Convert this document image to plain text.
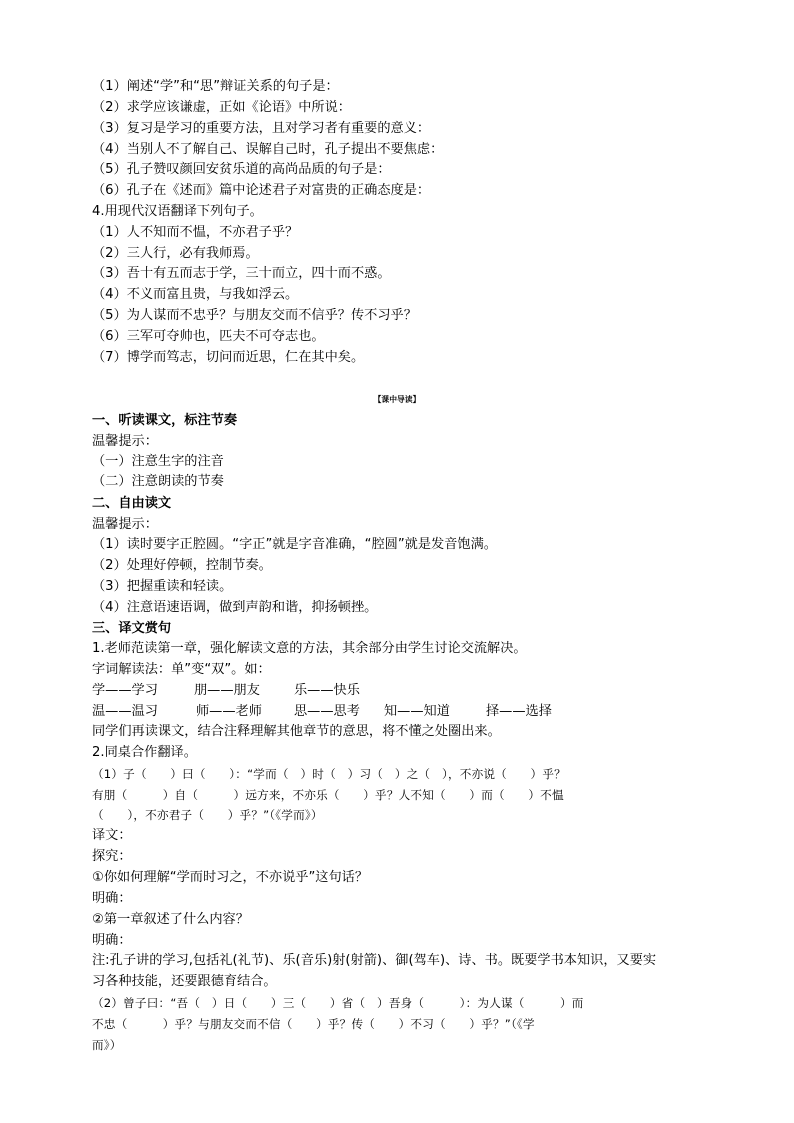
（1）阐述“学”和“思”辩证关系的句子是：
（2）求学应该谦虚，正如《论语》中所说：
（3）复习是学习的重要方法，且对学习者有重要的意义：
（4）当别人不了解自己、误解自己时，孔子提出不要焦虑：
（5）孔子赞叹颜回安贫乐道的高尚品质的句子是：
（6）孔子在《述而》篇中论述君子对富贵的正确态度是：
4.用现代汉语翻译下列句子。
（1）人不知而不愠，不亦君子乎？
（2）三人行，必有我师焉。
（3）吾十有五而志于学，三十而立，四十而不惑。
（4）不义而富且贵，与我如浮云。
（5）为人谋而不忠乎？与朋友交而不信乎？传不习乎？
（6）三军可夺帅也，匹夫不可夺志也。
（7）博学而笃志，切问而近思，仁在其中矣。
【课中导读】
一、听读课文，标注节奏
温馨提示：
（一）注意生字的注音
（二）注意朗读的节奏
二、自由读文
温馨提示：
（1）读时要字正腔圆。“字正”就是字音准确，“腔圆”就是发音饱满。
（2）处理好停顿，控制节奏。
（3）把握重读和轻读。
（4）注意语速语调，做到声韵和谐，抑扬顿挫。
三、译文赏句
1.老师范读第一章，强化解读文意的方法，其余部分由学生讨论交流解决。
字词解读法：单”变“双”。如：
学——学习	朋——朋友	乐——快乐
温——温习	师——老师 思——思考 知——知道	择——选择
同学们再读课文，结合注释理解其他章节的意思，将不懂之处圈出来。
2.同桌合作翻译。
（1）子（　　）曰（　　）：“学而（　）时（　）习（　）之（　），不亦说（　　）乎？
有朋（　　　）自（　　　）远方来，不亦乐（　　）乎？人不知（　　）而（　　）不愠
（　　），不亦君子（　　）乎？”（《学而》）
译文：
探究：
①你如何理解“学而时习之，不亦说乎”这句话？
明确：
②第一章叙述了什么内容？
明确：
注:孔子讲的学习,包括礼(礼节)、乐(音乐)射(射箭)、御(驾车)、诗、书。既要学书本知识，又要实
习各种技能，还要跟德育结合。
（2）曾子曰：“吾（　）日（　　）三（　　）省（　）吾身（　　　）：为人谋（　　　）而
不忠（　　　）乎？与朋友交而不信（　　）乎？传（　　）不习（　　）乎？”（《学
而》）
